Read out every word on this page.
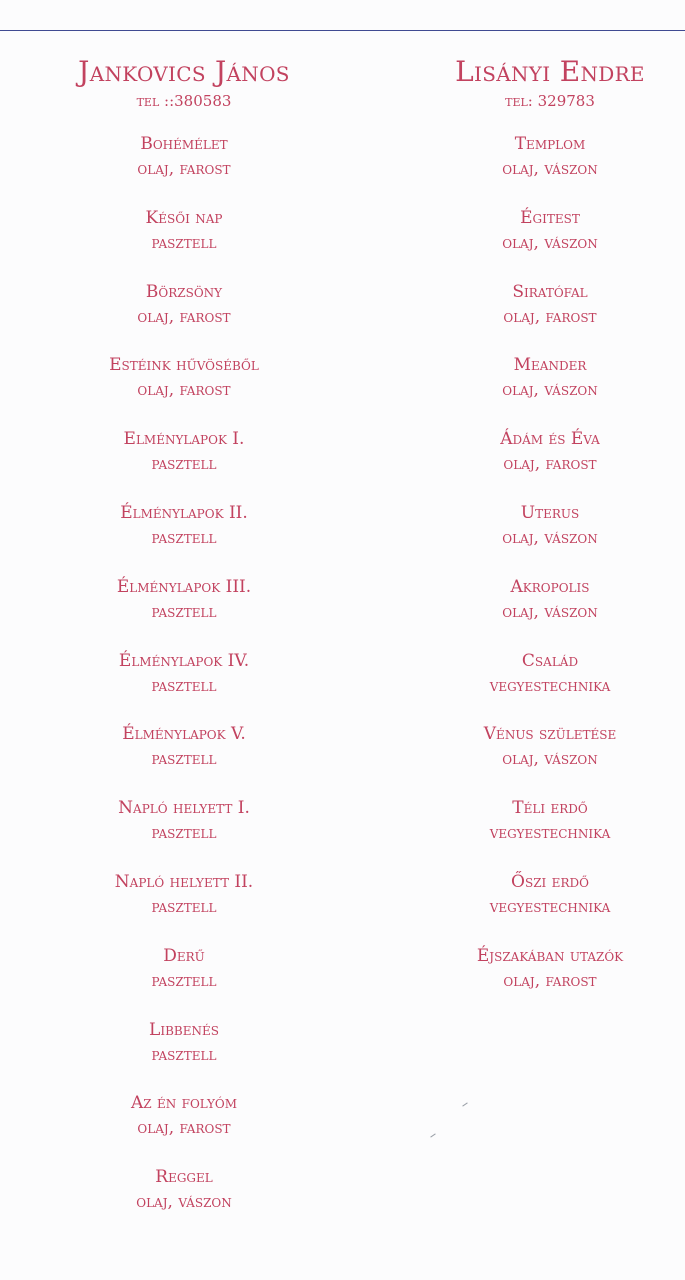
Jankovics János
tel ::380583
Bohémélet
olaj, farost
Késői nap
pasztell
Börzsöny
olaj, farost
Estéink hűvöséből
olaj, farost
Elménylapok I.
pasztell
Élménylapok II.
pasztell
Élménylapok III.
pasztell
Élménylapok IV.
pasztell
Élménylapok V.
pasztell
Napló helyett I.
pasztell
Napló helyett II.
pasztell
Derű
pasztell
Libbenés
pasztell
Az én folyóm
olaj, farost
Reggel
olaj, vászon
Lisányi Endre
tel: 329783
Templom
olaj, vászon
Égitest
olaj, vászon
Siratófal
olaj, farost
Meander
olaj, vászon
Ádám és Éva
olaj, farost
Uterus
olaj, vászon
Akropolis
olaj, vászon
Család
vegyestechnika
Vénus születése
olaj, vászon
Téli erdő
vegyestechnika
Őszi erdő
vegyestechnika
Éjszakában utazók
olaj, farost
